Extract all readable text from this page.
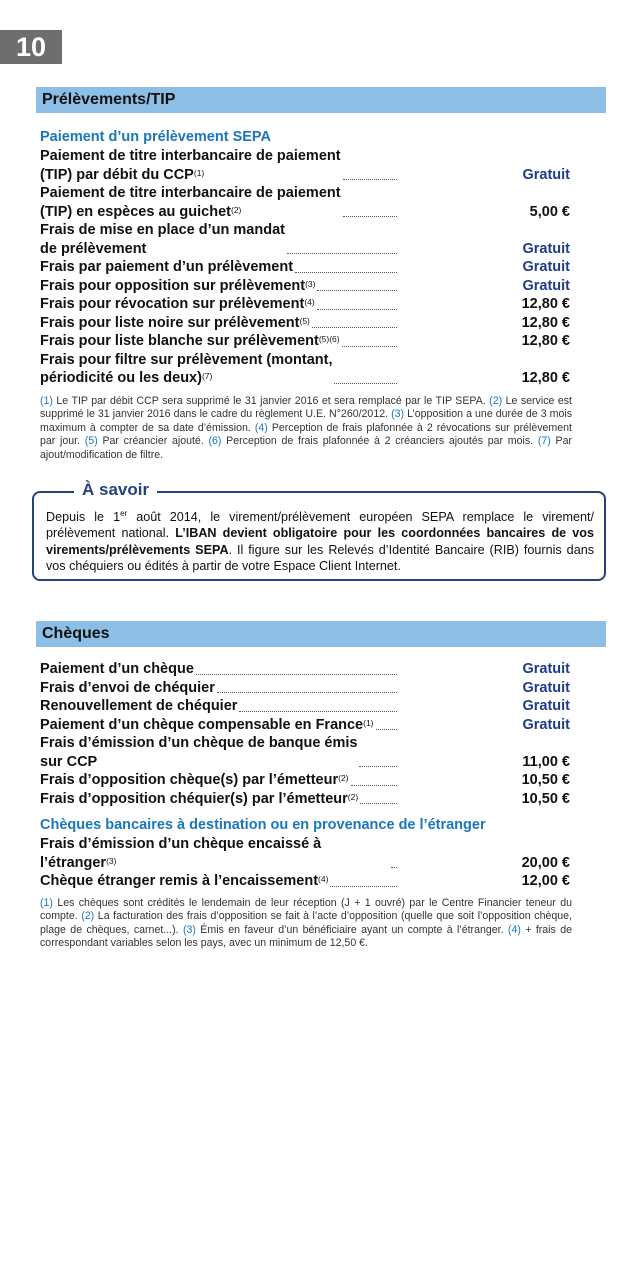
10
Prélèvements/TIP
Paiement d’un prélèvement SEPA
Paiement de titre interbancaire de paiement
(TIP) par débit du CCP$^{(1)}$	Gratuit
Paiement de titre interbancaire de paiement
(TIP) en espèces au guichet$^{(2)}$	5,00 €
Frais de mise en place d’un mandat
de prélèvement	Gratuit
Frais par paiement d’un prélèvement	Gratuit
Frais pour opposition sur prélèvement$^{(3)}$	Gratuit
Frais pour révocation sur prélèvement$^{(4)}$	12,80 €
Frais pour liste noire sur prélèvement$^{(5)}$	12,80 €
Frais pour liste blanche sur prélèvement$^{(5)(6)}$	12,80 €
Frais pour filtre sur prélèvement (montant,
périodicité ou les deux)$^{(7)}$	12,80 €
(1) Le TIP par débit CCP sera supprimé le 31 janvier 2016 et sera remplacé par le TIP SEPA. (2) Le service est supprimé le 31 janvier 2016 dans le cadre du règlement U.E. N°260/2012. (3) L’opposition a une durée de 3 mois maximum à compter de sa date d’émission. (4) Perception de frais plafonnée à 2 révocations sur prélèvement par jour. (5) Par créancier ajouté. (6) Perception de frais plafonnée à 2 créanciers ajoutés par mois. (7) Par ajout/modification de filtre.
À savoir
Depuis le 1er août 2014, le virement/prélèvement européen SEPA remplace le virement/ prélèvement national. L’IBAN devient obligatoire pour les coordonnées bancaires de vos virements/prélèvements SEPA. Il figure sur les Relevés d’Identité Bancaire (RIB) fournis dans vos chéquiers ou édités à partir de votre Espace Client Internet.
Chèques
Paiement d’un chèque	Gratuit
Frais d’envoi de chéquier	Gratuit
Renouvellement de chéquier	Gratuit
Paiement d’un chèque compensable en France$^{(1)}$	Gratuit
Frais d’émission d’un chèque de banque émis
sur CCP	11,00 €
Frais d’opposition chèque(s) par l’émetteur$^{(2)}$	10,50 €
Frais d’opposition chéquier(s) par l’émetteur$^{(2)}$	10,50 €
Chèques bancaires à destination ou en provenance de l’étranger
Frais d’émission d’un chèque encaissé à l’étranger$^{(3)}$	20,00 €
Chèque étranger remis à l’encaissement$^{(4)}$	12,00 €
(1) Les chèques sont crédités le lendemain de leur réception (J + 1 ouvré) par le Centre Financier teneur du compte. (2) La facturation des frais d’opposition se fait à l’acte d’opposition (quelle que soit l’opposition chèque, plage de chèques, carnet...). (3) Émis en faveur d’un bénéficiaire ayant un compte à l’étranger. (4) + frais de correspondant variables selon les pays, avec un minimum de 12,50 €.
